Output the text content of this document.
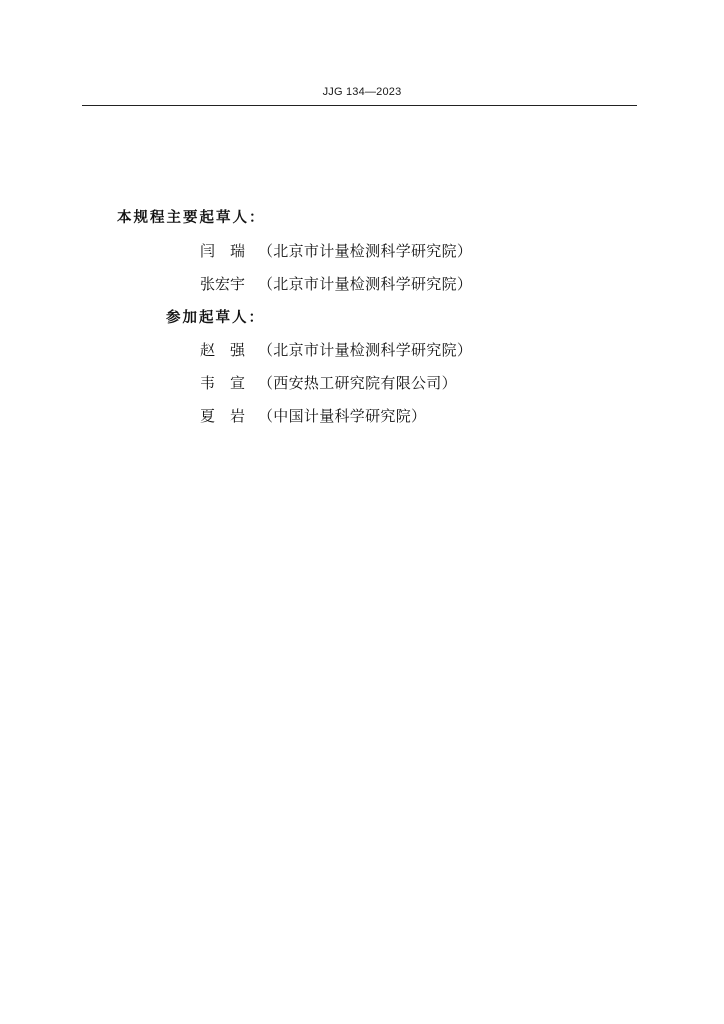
JJG 134—2023
本规程主要起草人：
闫　瑞 （北京市计量检测科学研究院）
张宏宇 （北京市计量检测科学研究院）
参加起草人：
赵　强 （北京市计量检测科学研究院）
韦　宣 （西安热工研究院有限公司）
夏　岩 （中国计量科学研究院）
